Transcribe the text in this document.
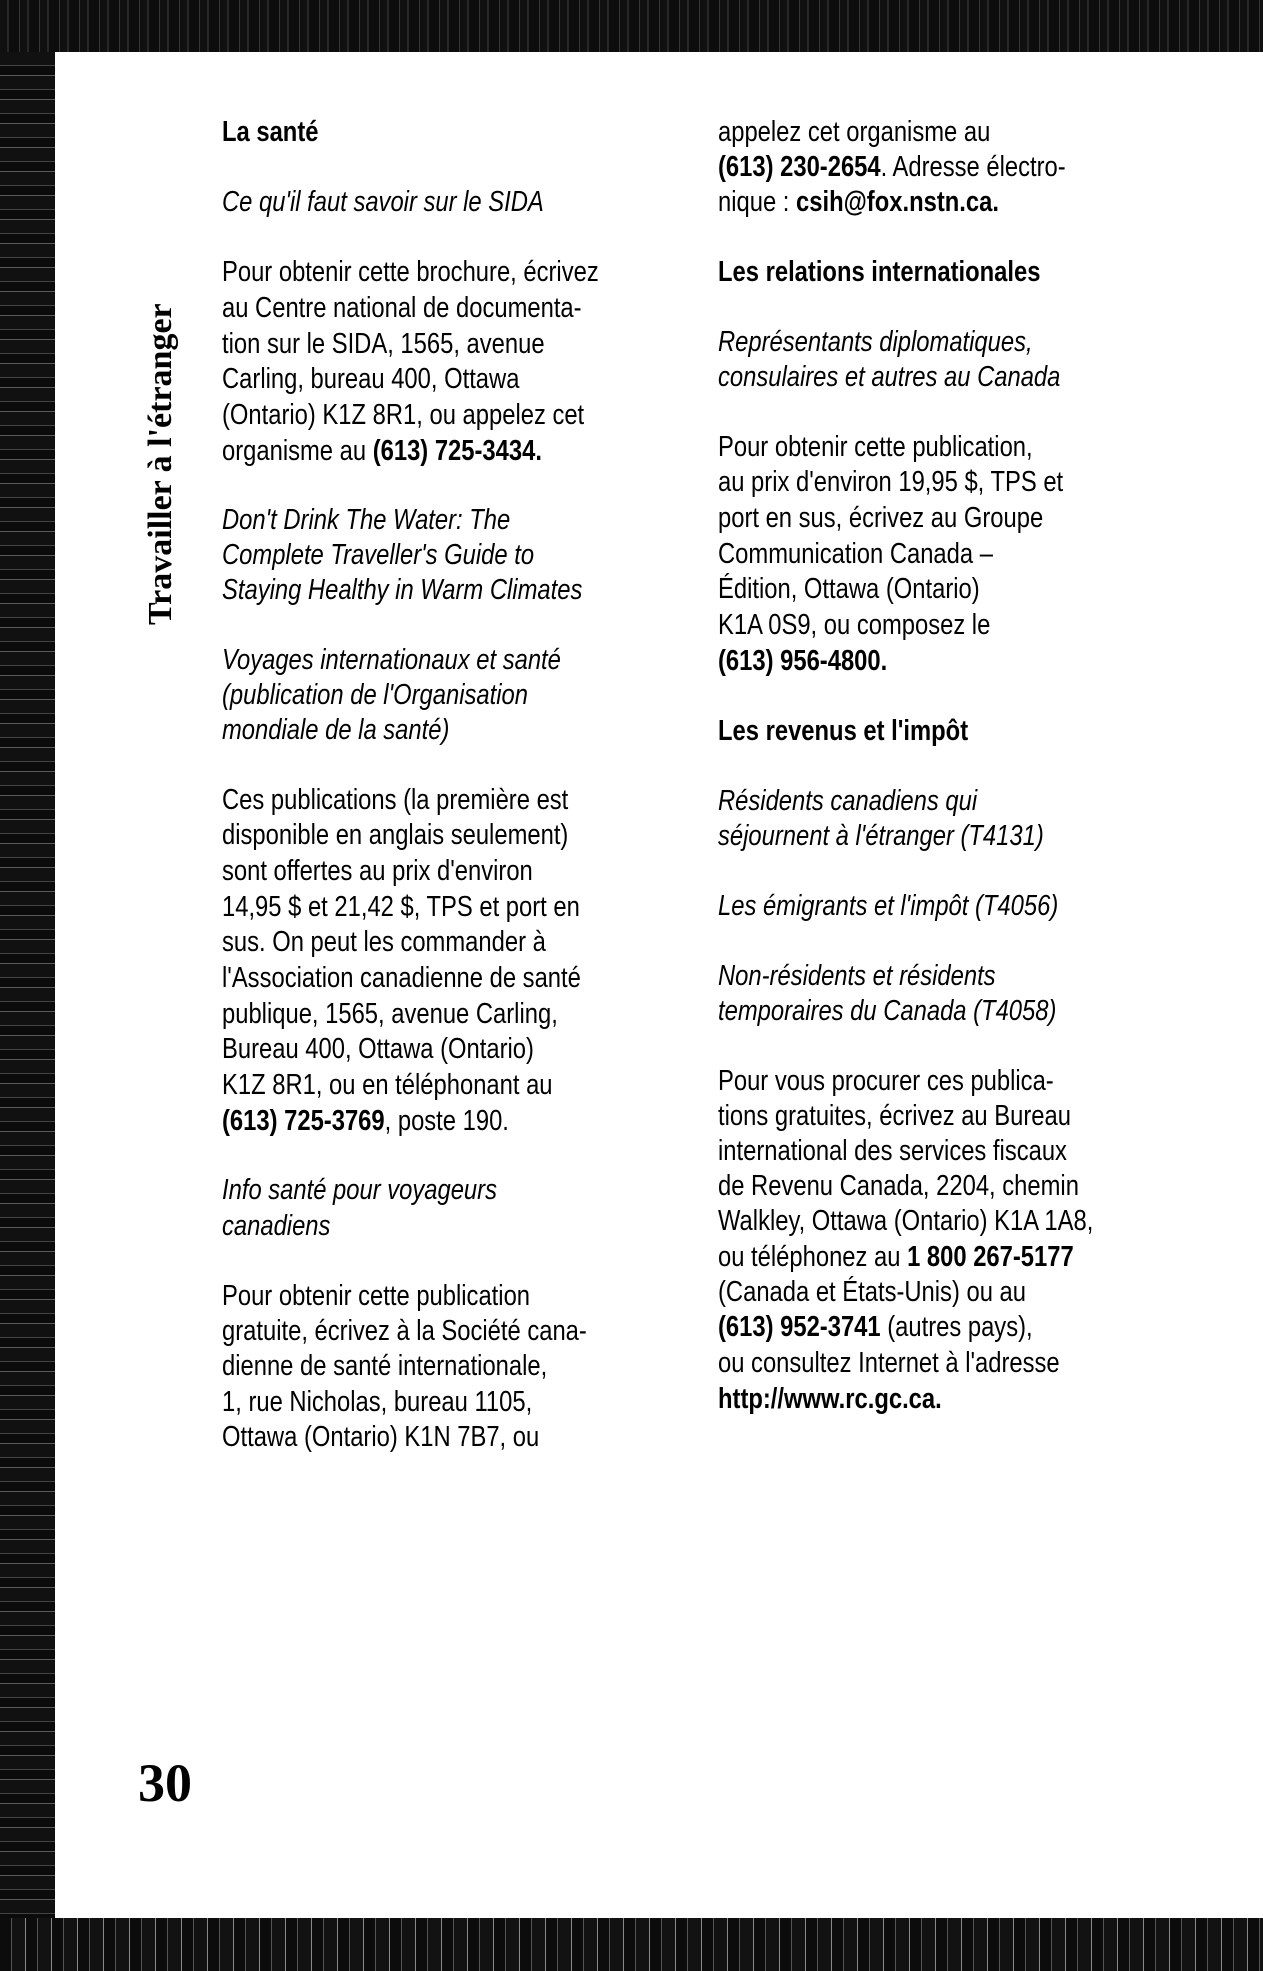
Travailler à l'étranger
30
La santé
Ce qu'il faut savoir sur le SIDA
Pour obtenir cette brochure, écrivez
au Centre national de documenta-
tion sur le SIDA, 1565, avenue
Carling, bureau 400, Ottawa
(Ontario) K1Z 8R1, ou appelez cet
organisme au (613) 725-3434.
Don't Drink The Water: The
Complete Traveller's Guide to
Staying Healthy in Warm Climates
Voyages internationaux et santé
(publication de l'Organisation
mondiale de la santé)
Ces publications (la première est
disponible en anglais seulement)
sont offertes au prix d'environ
14,95 $ et 21,42 $, TPS et port en
sus. On peut les commander à
l'Association canadienne de santé
publique, 1565, avenue Carling,
Bureau 400, Ottawa (Ontario)
K1Z 8R1, ou en téléphonant au
(613) 725-3769, poste 190.
Info santé pour voyageurs
canadiens
Pour obtenir cette publication
gratuite, écrivez à la Société cana-
dienne de santé internationale,
1, rue Nicholas, bureau 1105,
Ottawa (Ontario) K1N 7B7, ou
appelez cet organisme au
(613) 230-2654. Adresse électro-
nique : csih@fox.nstn.ca.
Les relations internationales
Représentants diplomatiques,
consulaires et autres au Canada
Pour obtenir cette publication,
au prix d'environ 19,95 $, TPS et
port en sus, écrivez au Groupe
Communication Canada –
Édition, Ottawa (Ontario)
K1A 0S9, ou composez le
(613) 956-4800.
Les revenus et l'impôt
Résidents canadiens qui
séjournent à l'étranger (T4131)
Les émigrants et l'impôt (T4056)
Non-résidents et résidents
temporaires du Canada (T4058)
Pour vous procurer ces publica-
tions gratuites, écrivez au Bureau
international des services fiscaux
de Revenu Canada, 2204, chemin
Walkley, Ottawa (Ontario) K1A 1A8,
ou téléphonez au 1 800 267-5177
(Canada et États-Unis) ou au
(613) 952-3741 (autres pays),
ou consultez Internet à l'adresse
http://www.rc.gc.ca.
